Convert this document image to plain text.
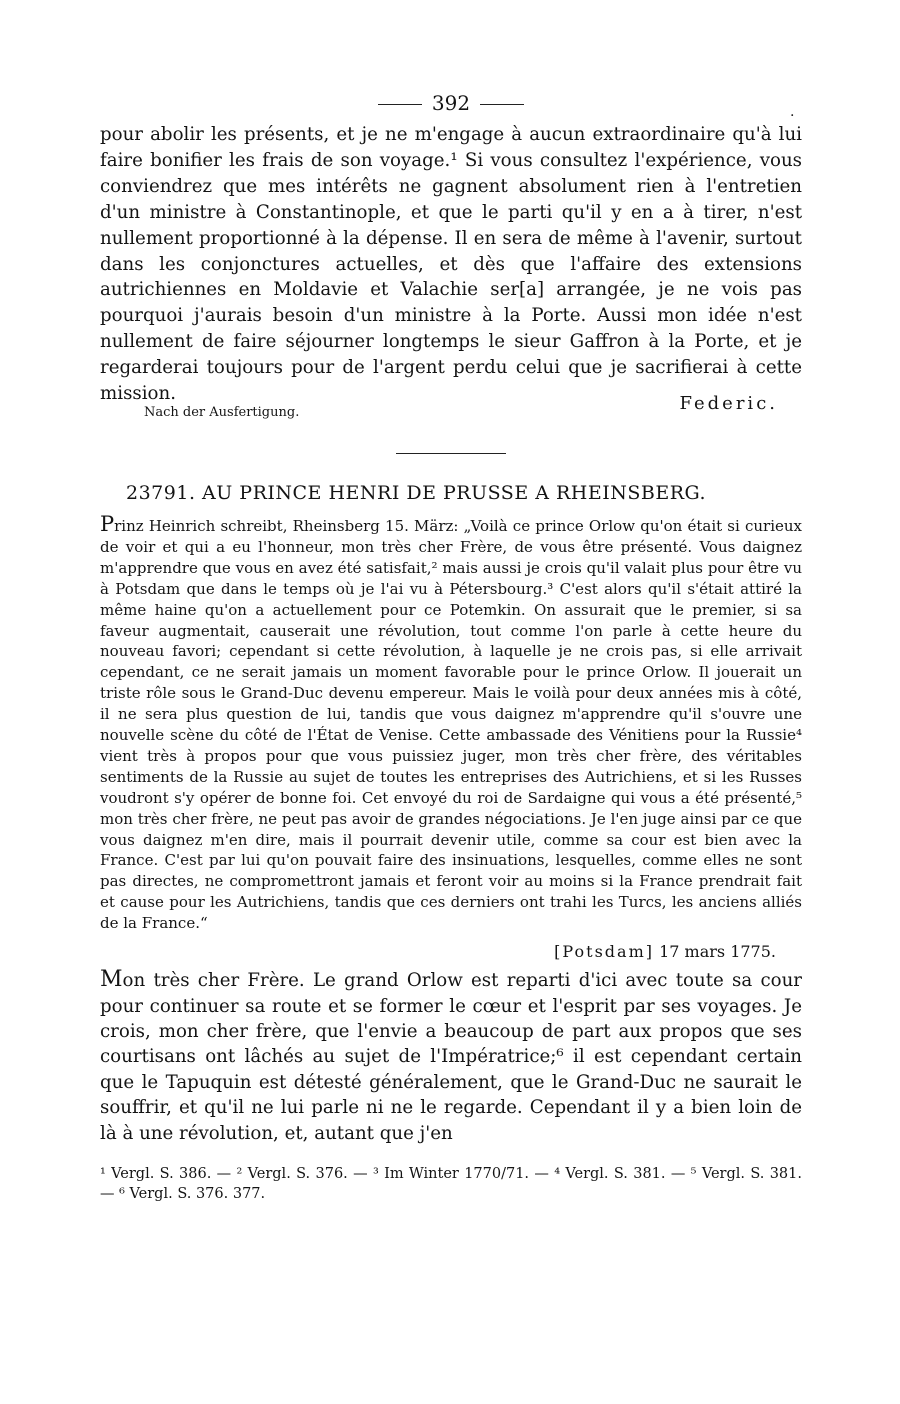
.
392

pour abolir les présents, et je ne m'engage à aucun extraordinaire qu'à lui faire bonifier les frais de son voyage.¹ Si vous consultez l'expérience, vous conviendrez que mes intérêts ne gagnent absolument rien à l'entretien d'un ministre à Constantinople, et que le parti qu'il y en a à tirer, n'est nullement proportionné à la dépense. Il en sera de même à l'avenir, surtout dans les conjonctures actuelles, et dès que l'affaire des extensions autrichiennes en Moldavie et Valachie ser[a] arrangée, je ne vois pas pourquoi j'aurais besoin d'un ministre à la Porte. Aussi mon idée n'est nullement de faire séjourner longtemps le sieur Gaffron à la Porte, et je regarderai toujours pour de l'argent perdu celui que je sacrifierai à cette mission.

Nach der Ausfertigung.	Federic.
23791. AU PRINCE HENRI DE PRUSSE A RHEINSBERG.

Prinz Heinrich schreibt, Rheinsberg 15. März: „Voilà ce prince Orlow qu'on était si curieux de voir et qui a eu l'honneur, mon très cher Frère, de vous être présenté. Vous daignez m'apprendre que vous en avez été satisfait,² mais aussi je crois qu'il valait plus pour être vu à Potsdam que dans le temps où je l'ai vu à Pétersbourg.³ C'est alors qu'il s'était attiré la même haine qu'on a actuellement pour ce Potemkin. On assurait que le premier, si sa faveur augmentait, causerait une révolution, tout comme l'on parle à cette heure du nouveau favori; cependant si cette révolution, à laquelle je ne crois pas, si elle arrivait cependant, ce ne serait jamais un moment favorable pour le prince Orlow. Il jouerait un triste rôle sous le Grand-Duc devenu empereur. Mais le voilà pour deux années mis à côté, il ne sera plus question de lui, tandis que vous daignez m'apprendre qu'il s'ouvre une nouvelle scène du côté de l'État de Venise. Cette ambassade des Vénitiens pour la Russie⁴ vient très à propos pour que vous puissiez juger, mon très cher frère, des véritables sentiments de la Russie au sujet de toutes les entreprises des Autrichiens, et si les Russes voudront s'y opérer de bonne foi. Cet envoyé du roi de Sardaigne qui vous a été présenté,⁵ mon très cher frère, ne peut pas avoir de grandes négociations. Je l'en juge ainsi par ce que vous daignez m'en dire, mais il pourrait devenir utile, comme sa cour est bien avec la France. C'est par lui qu'on pouvait faire des insinuations, lesquelles, comme elles ne sont pas directes, ne compromettront jamais et feront voir au moins si la France prendrait fait et cause pour les Autrichiens, tandis que ces derniers ont trahi les Turcs, les anciens alliés de la France.“

[Potsdam] 17 mars 1775.

Mon très cher Frère. Le grand Orlow est reparti d'ici avec toute sa cour pour continuer sa route et se former le cœur et l'esprit par ses voyages. Je crois, mon cher frère, que l'envie a beaucoup de part aux propos que ses courtisans ont lâchés au sujet de l'Impératrice;⁶ il est cependant certain que le Tapuquin est détesté généralement, que le Grand-Duc ne saurait le souffrir, et qu'il ne lui parle ni ne le regarde. Cependant il y a bien loin de là à une révolution, et, autant que j'en

¹ Vergl. S. 386. — ² Vergl. S. 376. — ³ Im Winter 1770/71. — ⁴ Vergl. S. 381. — ⁵ Vergl. S. 381. — ⁶ Vergl. S. 376. 377.
